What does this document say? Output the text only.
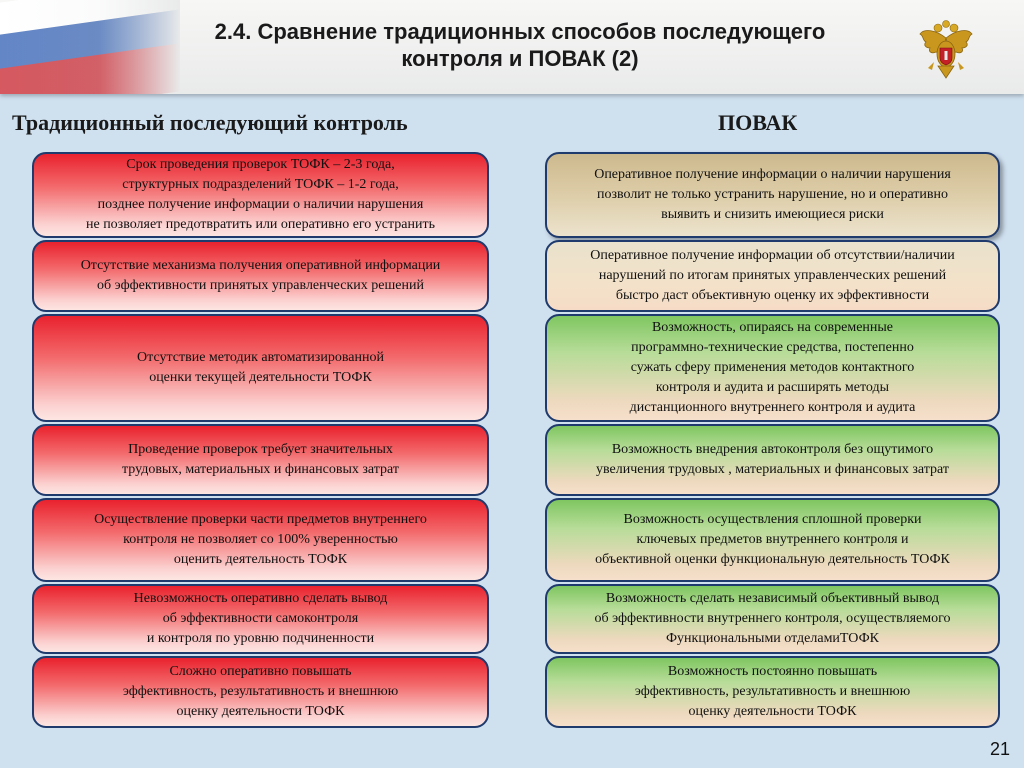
2.4. Сравнение традиционных способов последующего
контроля и ПОВАК (2)
Традиционный последующий контроль	ПОВАК
Срок проведения проверок ТОФК – 2-3 года,
структурных подразделений ТОФК – 1-2 года,
позднее получение информации о наличии нарушения
не позволяет предотвратить или оперативно его устранить
Отсутствие механизма получения оперативной информации
об эффективности принятых управленческих решений
Отсутствие методик автоматизированной
оценки текущей деятельности ТОФК
Проведение проверок требует значительных
трудовых, материальных и финансовых затрат
Осуществление проверки части предметов внутреннего
контроля не позволяет со 100% уверенностью
оценить деятельность ТОФК
Невозможность оперативно сделать вывод
об эффективности самоконтроля
и контроля по уровню подчиненности
Сложно оперативно повышать
эффективность, результативность и внешнюю
оценку деятельности ТОФК
Оперативное получение информации о наличии нарушения
позволит не только устранить нарушение, но и оперативно
выявить и снизить имеющиеся риски
Оперативное получение информации об отсутствии/наличии
нарушений по итогам принятых управленческих решений
быстро даст объективную оценку их эффективности
Возможность, опираясь на современные
программно-технические средства, постепенно
сужать сферу применения методов контактного
контроля и аудита и расширять методы
дистанционного внутреннего контроля и аудита
Возможность внедрения автоконтроля без ощутимого
увеличения трудовых , материальных и финансовых затрат
Возможность осуществления сплошной проверки
ключевых предметов внутреннего контроля и
объективной оценки функциональную деятельность ТОФК
Возможность сделать независимый объективный вывод
об эффективности внутреннего контроля, осуществляемого
Функциональными отделамиТОФК
Возможность постоянно повышать
эффективность, результативность и внешнюю
оценку деятельности ТОФК
21
